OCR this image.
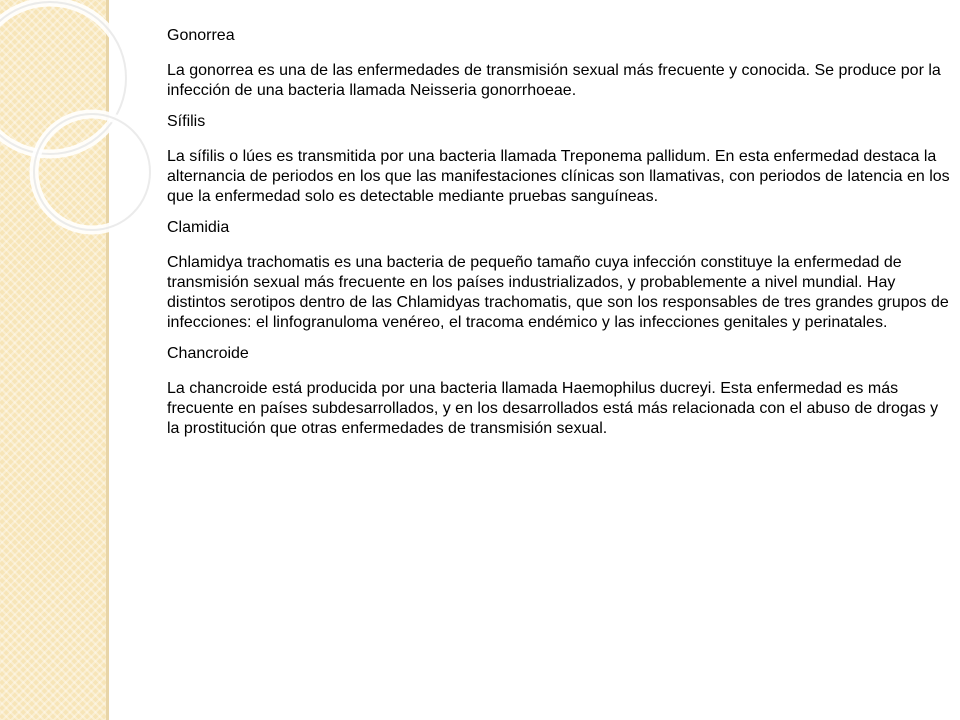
Gonorrea
La gonorrea es una de las enfermedades de transmisión sexual más frecuente y conocida. Se produce por la infección de una bacteria llamada Neisseria gonorrhoeae.
Sífilis
La sífilis o lúes es transmitida por una bacteria llamada Treponema pallidum. En esta enfermedad destaca la alternancia de periodos en los que las manifestaciones clínicas son llamativas, con periodos de latencia en los que la enfermedad solo es detectable mediante pruebas sanguíneas.
Clamidia
Chlamidya trachomatis es una bacteria de pequeño tamaño cuya infección constituye la enfermedad de transmisión sexual más frecuente en los países industrializados, y probablemente a nivel mundial. Hay distintos serotipos dentro de las Chlamidyas trachomatis, que son los responsables de tres grandes grupos de infecciones: el linfogranuloma venéreo, el tracoma endémico y las infecciones genitales y perinatales.
Chancroide
La chancroide está producida por una bacteria llamada Haemophilus ducreyi. Esta enfermedad es más frecuente en países subdesarrollados, y en los desarrollados está más relacionada con el abuso de drogas y la prostitución que otras enfermedades de transmisión sexual.
